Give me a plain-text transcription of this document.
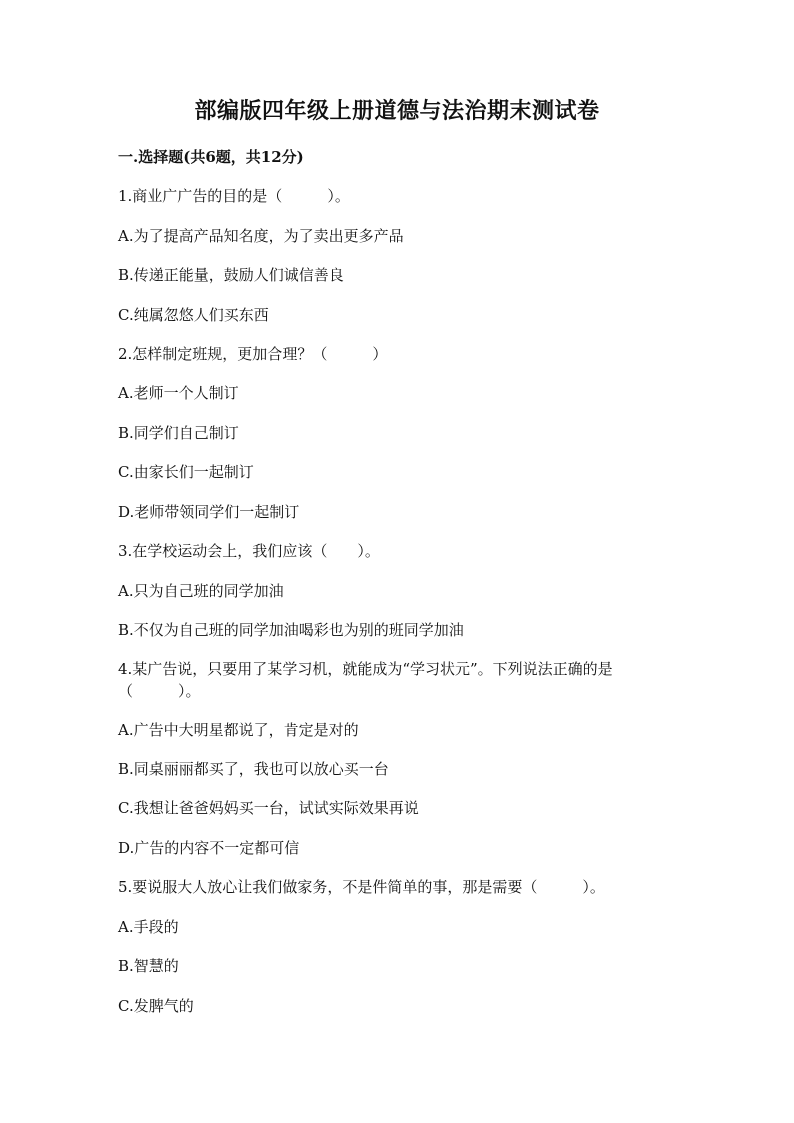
部编版四年级上册道德与法治期末测试卷
一.选择题(共6题，共12分)
1.商业广广告的目的是（　　　）。
A.为了提高产品知名度，为了卖出更多产品
B.传递正能量，鼓励人们诚信善良
C.纯属忽悠人们买东西
2.怎样制定班规，更加合理？（　　　）
A.老师一个人制订
B.同学们自己制订
C.由家长们一起制订
D.老师带领同学们一起制订
3.在学校运动会上，我们应该（　　）。
A.只为自己班的同学加油
B.不仅为自己班的同学加油喝彩也为别的班同学加油
4.某广告说，只要用了某学习机，就能成为“学习状元”。下列说法正确的是（　　　）。
A.广告中大明星都说了，肯定是对的
B.同桌丽丽都买了，我也可以放心买一台
C.我想让爸爸妈妈买一台，试试实际效果再说
D.广告的内容不一定都可信
5.要说服大人放心让我们做家务，不是件简单的事，那是需要（　　　）。
A.手段的
B.智慧的
C.发脾气的
